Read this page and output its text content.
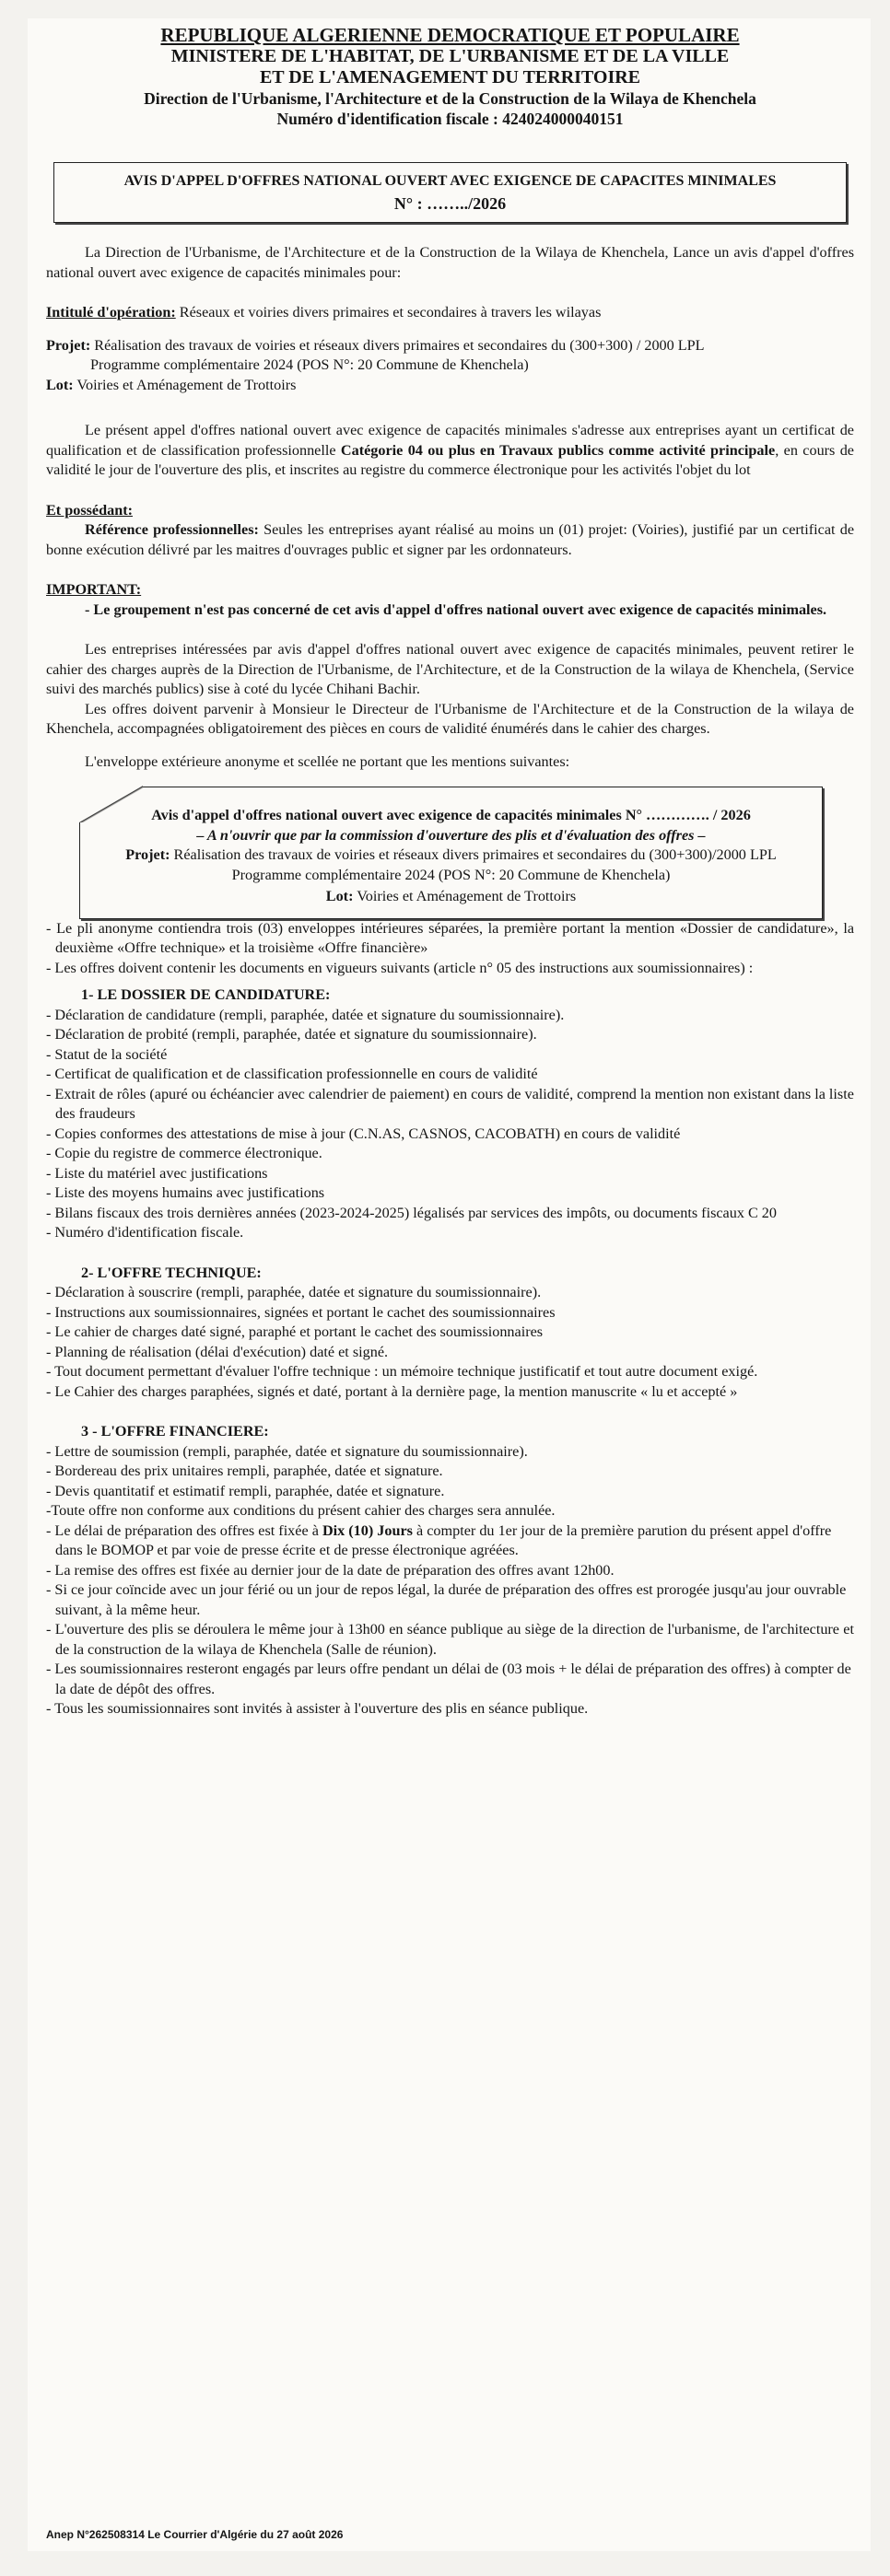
REPUBLIQUE ALGERIENNE DEMOCRATIQUE ET POPULAIRE
MINISTERE DE L'HABITAT, DE L'URBANISME ET DE LA VILLE
ET DE L'AMENAGEMENT DU TERRITOIRE
Direction de l'Urbanisme, l'Architecture et de la Construction de la Wilaya de Khenchela
Numéro d'identification fiscale : 424024000040151
AVIS D'APPEL D'OFFRES NATIONAL OUVERT AVEC EXIGENCE DE CAPACITES MINIMALES
N° : ……../2026

La Direction de l'Urbanisme, de l'Architecture et de la Construction de la Wilaya de Khenchela, Lance un avis d'appel d'offres national ouvert avec exigence de capacités minimales pour:

Intitulé d'opération: Réseaux et voiries divers primaires et secondaires à travers les wilayas

Projet: Réalisation des travaux de voiries et réseaux divers primaires et secondaires du (300+300) / 2000 LPL

Programme complémentaire 2024 (POS N°: 20 Commune de Khenchela)

Lot: Voiries et Aménagement de Trottoirs

Le présent appel d'offres national ouvert avec exigence de capacités minimales s'adresse aux entreprises ayant un certificat de qualification et de classification professionnelle Catégorie 04 ou plus en Travaux publics comme activité principale, en cours de validité le jour de l'ouverture des plis, et inscrites au registre du commerce électronique pour les activités l'objet du lot

Et possédant:

Référence professionnelles: Seules les entreprises ayant réalisé au moins un (01) projet: (Voiries), justifié par un certificat de bonne exécution délivré par les maitres d'ouvrages public et signer par les ordonnateurs.

IMPORTANT:

- Le groupement n'est pas concerné de cet avis d'appel d'offres national ouvert avec exigence de capacités minimales.

Les entreprises intéressées par avis d'appel d'offres national ouvert avec exigence de capacités minimales, peuvent retirer le cahier des charges auprès de la Direction de l'Urbanisme, de l'Architecture, et de la Construction de la wilaya de Khenchela, (Service suivi des marchés publics) sise à coté du lycée Chihani Bachir.

Les offres doivent parvenir à Monsieur le Directeur de l'Urbanisme de l'Architecture et de la Construction de la wilaya de Khenchela, accompagnées obligatoirement des pièces en cours de validité énumérés dans le cahier des charges.

L'enveloppe extérieure anonyme et scellée ne portant que les mentions suivantes:

Avis d'appel d'offres national ouvert avec exigence de capacités minimales N° …………. / 2026
– A n'ouvrir que par la commission d'ouverture des plis et d'évaluation des offres –
Projet: Réalisation des travaux de voiries et réseaux divers primaires et secondaires du (300+300)/2000 LPL
Programme complémentaire 2024 (POS N°: 20 Commune de Khenchela)
Lot: Voiries et Aménagement de Trottoirs
- Le pli anonyme contiendra trois (03) enveloppes intérieures séparées, la première portant la mention «Dossier de candidature», la deuxième «Offre technique» et la troisième «Offre financière»
- Les offres doivent contenir les documents en vigueurs suivants (article n° 05 des instructions aux soumissionnaires) :

1- LE DOSSIER DE CANDIDATURE:

- Déclaration de candidature (rempli, paraphée, datée et signature du soumissionnaire).
- Déclaration de probité (rempli, paraphée, datée et signature du soumissionnaire).
- Statut de la société
- Certificat de qualification et de classification professionnelle en cours de validité
- Extrait de rôles (apuré ou échéancier avec calendrier de paiement) en cours de validité, comprend la mention non existant dans la liste des fraudeurs
- Copies conformes des attestations de mise à jour (C.N.AS, CASNOS, CACOBATH) en cours de validité
- Copie du registre de commerce électronique.
- Liste du matériel avec justifications
- Liste des moyens humains avec justifications
- Bilans fiscaux des trois dernières années (2023-2024-2025) légalisés par services des impôts, ou documents fiscaux C 20
- Numéro d'identification fiscale.

2- L'OFFRE TECHNIQUE:

- Déclaration à souscrire (rempli, paraphée, datée et signature du soumissionnaire).
- Instructions aux soumissionnaires, signées et portant le cachet des soumissionnaires
- Le cahier de charges daté signé, paraphé et portant le cachet des soumissionnaires
- Planning de réalisation (délai d'exécution) daté et signé.
- Tout document permettant d'évaluer l'offre technique : un mémoire technique justificatif et tout autre document exigé.
- Le Cahier des charges paraphées, signés et daté, portant à la dernière page, la mention manuscrite « lu et accepté »

3 - L'OFFRE FINANCIERE:

- Lettre de soumission (rempli, paraphée, datée et signature du soumissionnaire).
- Bordereau des prix unitaires rempli, paraphée, datée et signature.
- Devis quantitatif et estimatif rempli, paraphée, datée et signature.
-Toute offre non conforme aux conditions du présent cahier des charges sera annulée.
- Le délai de préparation des offres est fixée à Dix (10) Jours à compter du 1er jour de la première parution du présent appel d'offre dans le BOMOP et par voie de presse écrite et de presse électronique agréées.
- La remise des offres est fixée au dernier jour de la date de préparation des offres avant 12h00.
- Si ce jour coïncide avec un jour férié ou un jour de repos légal, la durée de préparation des offres est prorogée jusqu'au jour ouvrable suivant, à la même heur.
- L'ouverture des plis se déroulera le même jour à 13h00 en séance publique au siège de la direction de l'urbanisme, de l'architecture et de la construction de la wilaya de Khenchela (Salle de réunion).
- Les soumissionnaires resteront engagés par leurs offre pendant un délai de (03 mois + le délai de préparation des offres) à compter de la date de dépôt des offres.
- Tous les soumissionnaires sont invités à assister à l'ouverture des plis en séance publique.
Anep N°262508314 Le Courrier d'Algérie du 27 août 2026
